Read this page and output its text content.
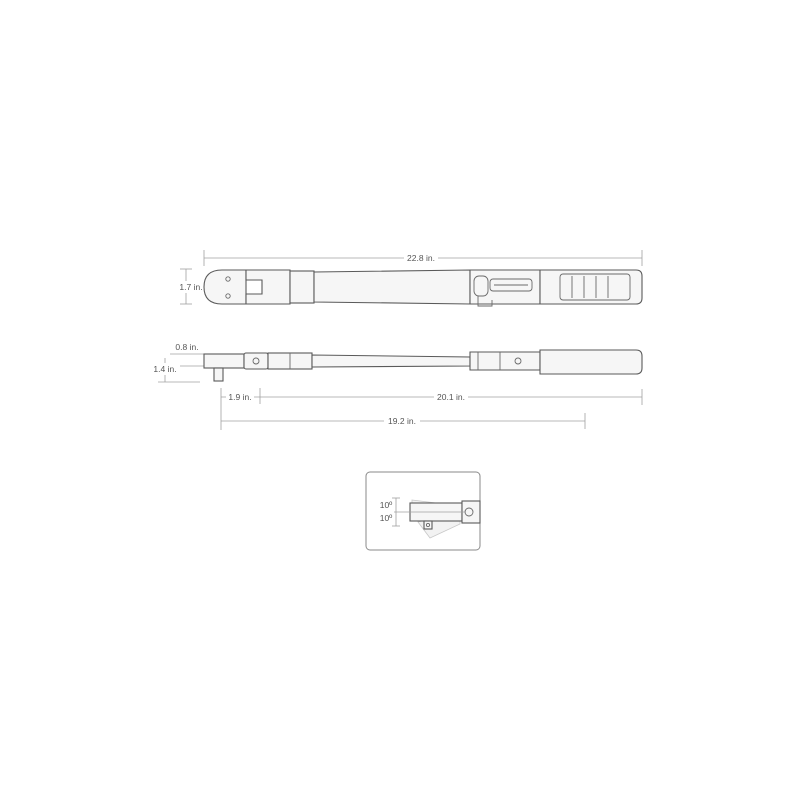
22.8 in.
1.7 in.
0.8 in.
1.4 in.
1.9 in.	20.1 in.
19.2 in.
10º
10º
